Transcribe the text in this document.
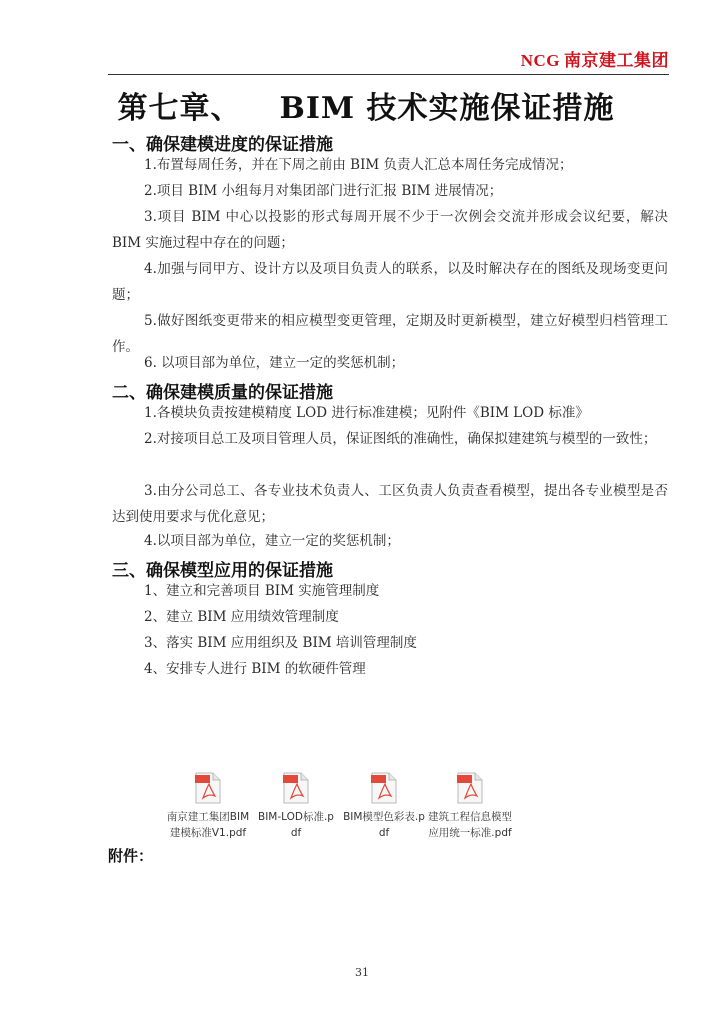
NCG 南京建工集团
第七章、 BIM 技术实施保证措施
一、确保建模进度的保证措施
1.布置每周任务，并在下周之前由 BIM 负责人汇总本周任务完成情况；
2.项目 BIM 小组每月对集团部门进行汇报 BIM 进展情况；
3.项目 BIM 中心以投影的形式每周开展不少于一次例会交流并形成会议纪要，解决 BIM 实施过程中存在的问题；
4.加强与同甲方、设计方以及项目负责人的联系，以及时解决存在的图纸及现场变更问题；
5.做好图纸变更带来的相应模型变更管理，定期及时更新模型，建立好模型归档管理工作。
6. 以项目部为单位，建立一定的奖惩机制；
二、确保建模质量的保证措施
1.各模块负责按建模精度 LOD 进行标准建模；见附件《BIM LOD 标准》
2.对接项目总工及项目管理人员，保证图纸的准确性，确保拟建建筑与模型的一致性；
3.由分公司总工、各专业技术负责人、工区负责人负责查看模型，提出各专业模型是否达到使用要求与优化意见；
4.以项目部为单位，建立一定的奖惩机制；
三、确保模型应用的保证措施
1、建立和完善项目 BIM 实施管理制度
2、建立 BIM 应用绩效管理制度
3、落实 BIM 应用组织及 BIM 培训管理制度
4、安排专人进行 BIM 的软硬件管理
南京建工集团BIM
建模标准V1.pdf
BIM-LOD标准.p
df
BIM模型色彩表.p
df
建筑工程信息模型
应用统一标准.pdf
附件：
31
